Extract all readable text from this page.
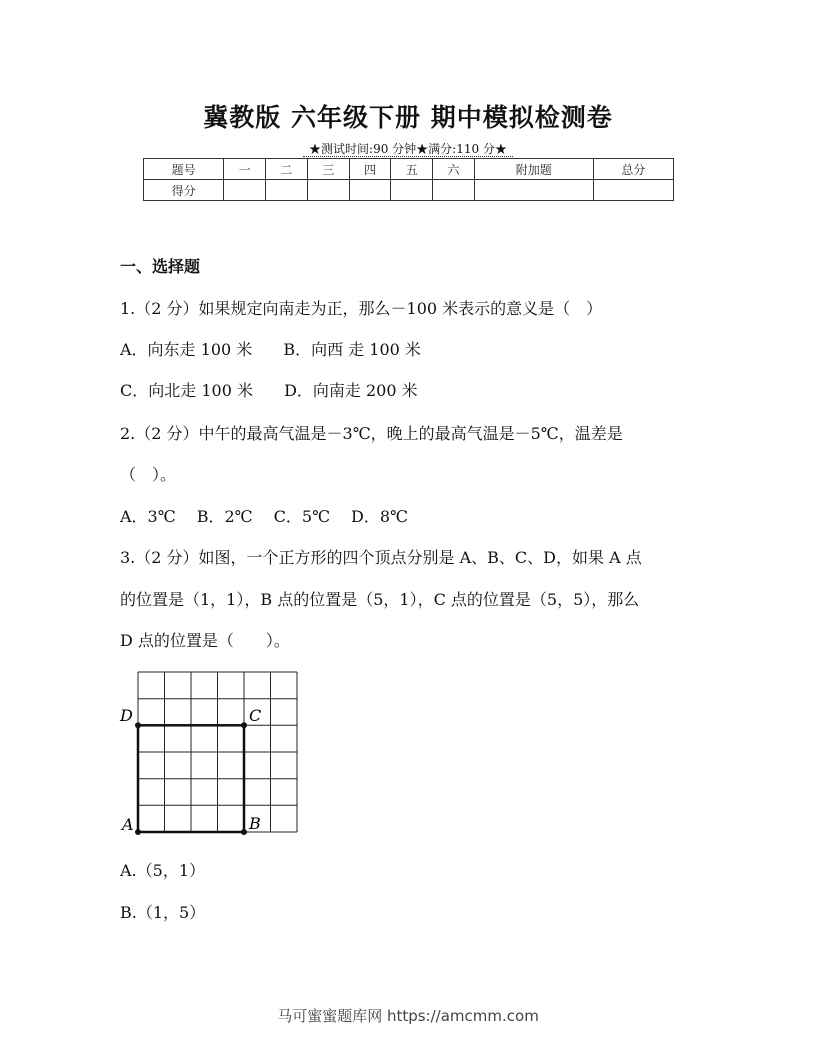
冀教版 六年级下册 期中模拟检测卷
★测试时间:90 分钟★满分:110 分★
题号	一	二	三	四	五	六	附加题	总分
得分								
一、选择题
1.（2 分）如果规定向南走为正，那么－100 米表示的意义是（　）
A．向东走 100 米 B．向西 走 100 米
C．向北走 100 米 D．向南走 200 米
2.（2 分）中午的最高气温是－3℃，晚上的最高气温是－5℃，温差是
（　）。
A．3℃　 B．2℃　 C．5℃　 D．8℃
3.（2 分）如图，一个正方形的四个顶点分别是 A、B、C、D，如果 A 点
的位置是（1，1），B 点的位置是（5，1），C 点的位置是（5，5），那么
D 点的位置是（　　）。
A	B
C
D
A.（5，1）
B.（1，5）
马可蜜蜜题库网 https://amcmm.com
